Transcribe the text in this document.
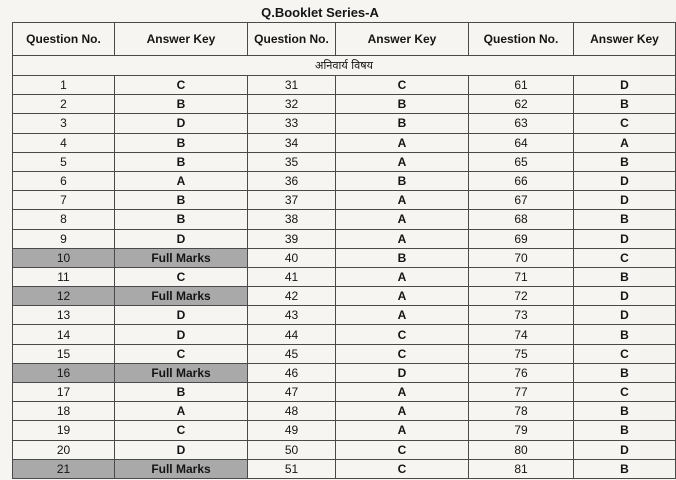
Q.Booklet Series-A
Question No.	Answer Key	Question No.	Answer Key	Question No.	Answer Key
अनिवार्य विषय					
1	C	31	C	61	D
2	B	32	B	62	B
3	D	33	B	63	C
4	B	34	A	64	A
5	B	35	A	65	B
6	A	36	B	66	D
7	B	37	A	67	D
8	B	38	A	68	B
9	D	39	A	69	D
10	Full Marks	40	B	70	C
11	C	41	A	71	B
12	Full Marks	42	A	72	D
13	D	43	A	73	D
14	D	44	C	74	B
15	C	45	C	75	C
16	Full Marks	46	D	76	B
17	B	47	A	77	C
18	A	48	A	78	B
19	C	49	A	79	B
20	D	50	C	80	D
21	Full Marks	51	C	81	B
